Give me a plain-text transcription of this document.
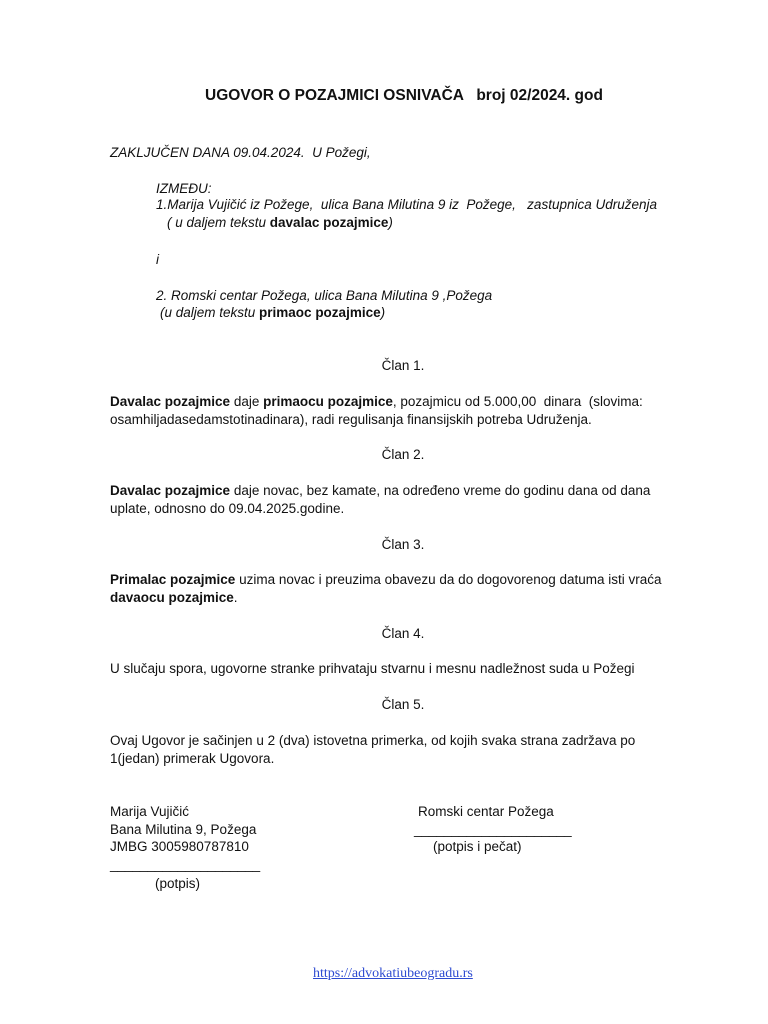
UGOVOR O POZAJMICI OSNIVAČA   broj 02/2024. god
ZAKLJUČEN DANA 09.04.2024.  U Požegi,
IZMEĐU:
1.Marija Vujičić iz Požege,  ulica Bana Milutina 9 iz  Požege,   zastupnica Udruženja
( u daljem tekstu davalac pozajmice)
i
2. Romski centar Požega, ulica Bana Milutina 9 ,Požega
(u daljem tekstu primaoc pozajmice)
Član 1.
Davalac pozajmice daje primaocu pozajmice, pozajmicu od 5.000,00  dinara  (slovima:
osamhiljadasedamstotinadinara), radi regulisanja finansijskih potreba Udruženja.
Član 2.
Davalac pozajmice daje novac, bez kamate, na određeno vreme do godinu dana od dana
uplate, odnosno do 09.04.2025.godine.
Član 3.
Primalac pozajmice uzima novac i preuzima obavezu da do dogovorenog datuma isti vraća
davaocu pozajmice.
Član 4.
U slučaju spora, ugovorne stranke prihvataju stvarnu i mesnu nadležnost suda u Požegi
Član 5.
Ovaj Ugovor je sačinjen u 2 (dva) istovetna primerka, od kojih svaka strana zadržava po
1(jedan) primerak Ugovora.
Marija Vujičić
Bana Milutina 9, Požega
JMBG 3005980787810
____________________
(potpis)
Romski centar Požega
_____________________
(potpis i pečat)
https://advokatiubeogradu.rs
